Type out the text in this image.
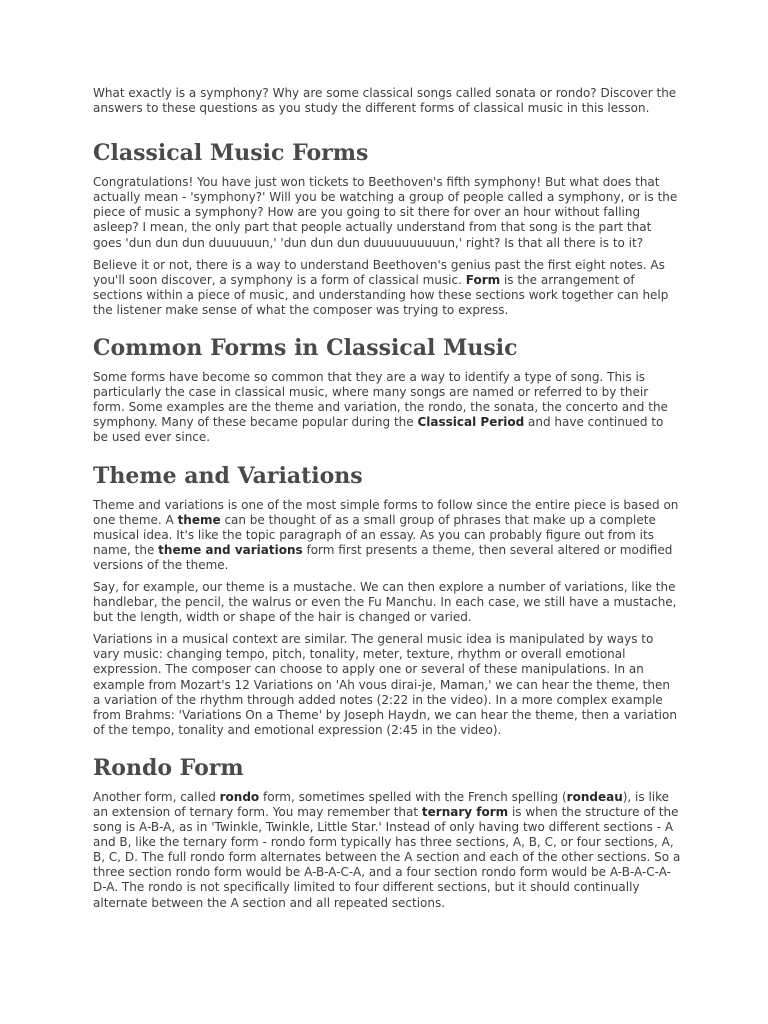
What exactly is a symphony? Why are some classical songs called sonata or rondo? Discover the answers to these questions as you study the different forms of classical music in this lesson.

Classical Music Forms

Congratulations! You have just won tickets to Beethoven's fifth symphony! But what does that actually mean - 'symphony?' Will you be watching a group of people called a symphony, or is the piece of music a symphony? How are you going to sit there for over an hour without falling asleep? I mean, the only part that people actually understand from that song is the part that goes 'dun dun dun duuuuuun,' 'dun dun dun duuuuuuuuuun,' right? Is that all there is to it?

Believe it or not, there is a way to understand Beethoven's genius past the first eight notes. As you'll soon discover, a symphony is a form of classical music. Form is the arrangement of sections within a piece of music, and understanding how these sections work together can help the listener make sense of what the composer was trying to express.

Common Forms in Classical Music

Some forms have become so common that they are a way to identify a type of song. This is particularly the case in classical music, where many songs are named or referred to by their form. Some examples are the theme and variation, the rondo, the sonata, the concerto and the symphony. Many of these became popular during the Classical Period and have continued to be used ever since.

Theme and Variations

Theme and variations is one of the most simple forms to follow since the entire piece is based on one theme. A theme can be thought of as a small group of phrases that make up a complete musical idea. It's like the topic paragraph of an essay. As you can probably figure out from its name, the theme and variations form first presents a theme, then several altered or modified versions of the theme.

Say, for example, our theme is a mustache. We can then explore a number of variations, like the handlebar, the pencil, the walrus or even the Fu Manchu. In each case, we still have a mustache, but the length, width or shape of the hair is changed or varied.

Variations in a musical context are similar. The general music idea is manipulated by ways to vary music: changing tempo, pitch, tonality, meter, texture, rhythm or overall emotional expression. The composer can choose to apply one or several of these manipulations. In an example from Mozart's 12 Variations on 'Ah vous dirai-je, Maman,' we can hear the theme, then a variation of the rhythm through added notes (2:22 in the video). In a more complex example from Brahms: 'Variations On a Theme' by Joseph Haydn, we can hear the theme, then a variation of the tempo, tonality and emotional expression (2:45 in the video).

Rondo Form

Another form, called rondo form, sometimes spelled with the French spelling (rondeau), is like an extension of ternary form. You may remember that ternary form is when the structure of the song is A-B-A, as in 'Twinkle, Twinkle, Little Star.' Instead of only having two different sections - A and B, like the ternary form - rondo form typically has three sections, A, B, C, or four sections, A, B, C, D. The full rondo form alternates between the A section and each of the other sections. So a three section rondo form would be A-B-A-C-A, and a four section rondo form would be A-B-A-C-A-D-A. The rondo is not specifically limited to four different sections, but it should continually alternate between the A section and all repeated sections.
